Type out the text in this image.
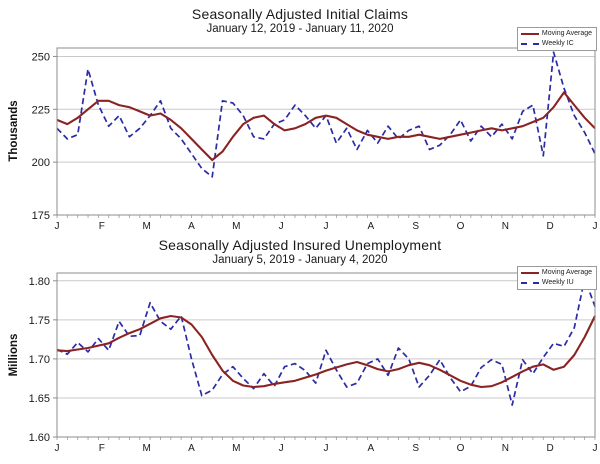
175
200
225
250
J	F	M	A	M	J	J	A	S	O	N	D	J
Seasonally Adjusted Initial Claims
January 12, 2019 - January 11, 2020
Thousands
Moving Average
Weekly IC
1.60
1.65
1.70
1.75
1.80
J	F	M	A	M	J	J	A	S	O	N	D	J
Seasonally Adjusted Insured Unemployment
January 5, 2019 - January 4, 2020
Millions
Moving Average
Weekly IU
